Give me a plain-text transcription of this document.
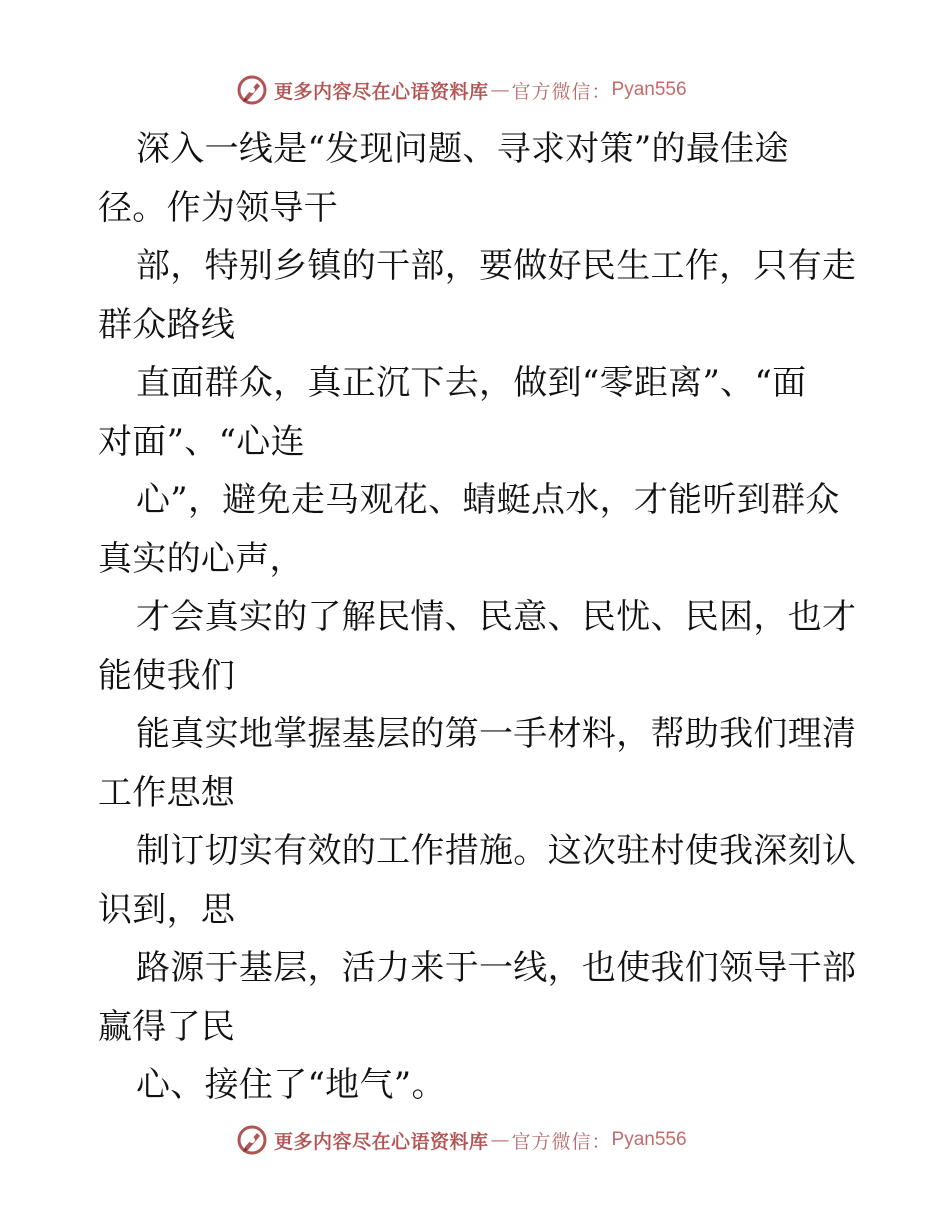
更多内容尽在心语资料库 — 官方微信： Pyan556
深入一线是“发现问题、寻求对策”的最佳途
径。作为领导干
部，特别乡镇的干部，要做好民生工作，只有走
群众路线
直面群众，真正沉下去，做到“零距离”、“面
对面”、“心连
心”，避免走马观花、蜻蜓点水，才能听到群众
真实的心声，
才会真实的了解民情、民意、民忧、民困，也才
能使我们
能真实地掌握基层的第一手材料，帮助我们理清
工作思想
制订切实有效的工作措施。这次驻村使我深刻认
识到，思
路源于基层，活力来于一线，也使我们领导干部
赢得了民
心、接住了“地气”。
更多内容尽在心语资料库 — 官方微信： Pyan556
